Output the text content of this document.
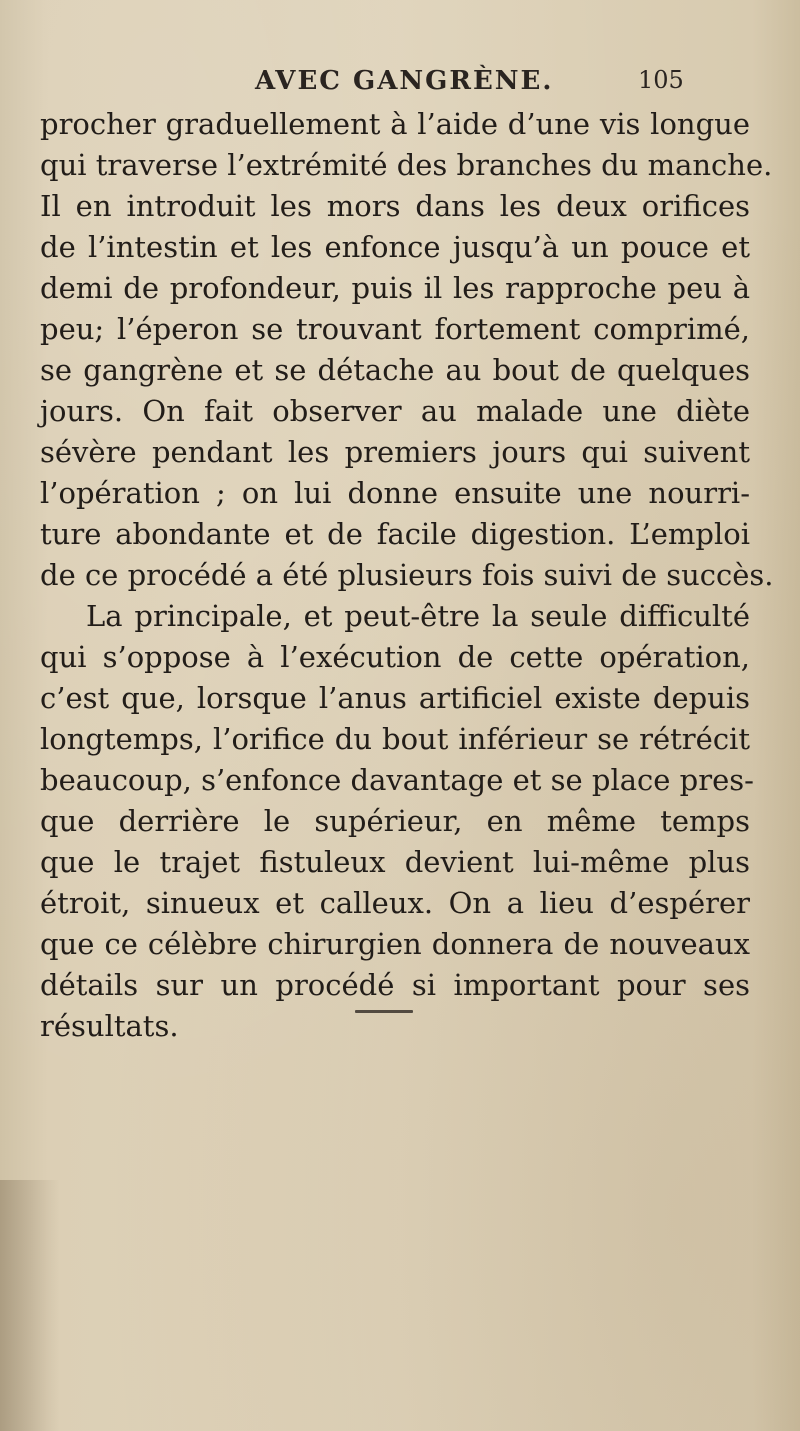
AVEC GANGRÈNE.	105
procher graduellement à l’aide d’une vis longue
qui traverse l’extrémité des branches du manche.
Il en introduit les mors dans les deux orifices
de l’intestin et les enfonce jusqu’à un pouce et
demi de profondeur, puis il les rapproche peu à
peu; l’éperon se trouvant fortement comprimé,
se gangrène et se détache au bout de quelques
jours. On fait observer au malade une diète
sévère pendant les premiers jours qui suivent
l’opération ; on lui donne ensuite une nourri-
ture abondante et de facile digestion. L’emploi
de ce procédé a été plusieurs fois suivi de succès.
La principale, et peut-être la seule difficulté
qui s’oppose à l’exécution de cette opération,
c’est que, lorsque l’anus artificiel existe depuis
longtemps, l’orifice du bout inférieur se rétrécit
beaucoup, s’enfonce davantage et se place pres-
que derrière le supérieur, en même temps
que le trajet fistuleux devient lui-même plus
étroit, sinueux et calleux. On a lieu d’espérer
que ce célèbre chirurgien donnera de nouveaux
détails sur un procédé si important pour ses
résultats.
